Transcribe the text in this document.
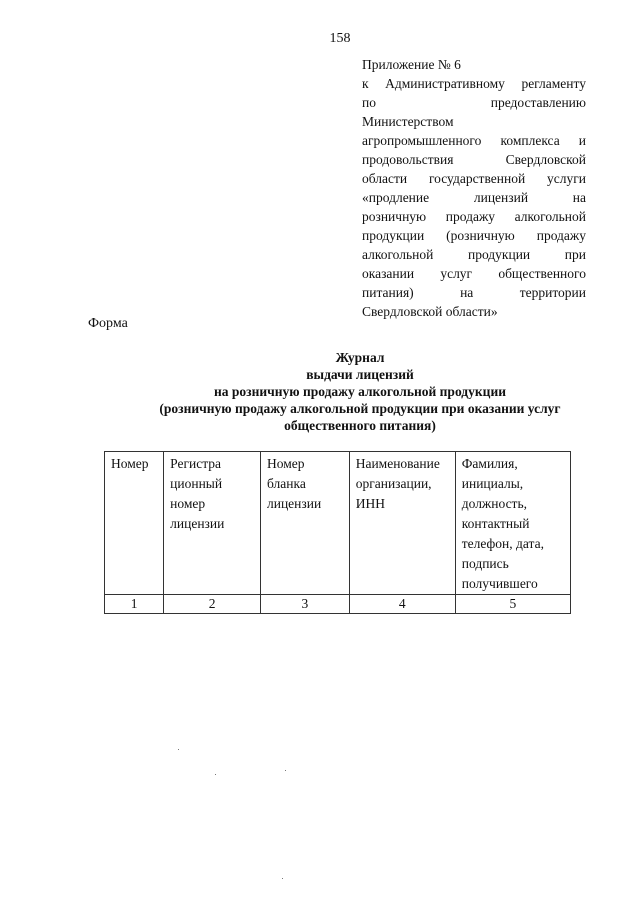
158
Приложение № 6
к Административному регламенту
по предоставлению
Министерством
агропромышленного комплекса и
продовольствия Свердловской
области государственной услуги
«продление лицензий на
розничную продажу алкогольной
продукции (розничную продажу
алкогольной продукции при
оказании услуг общественного
питания) на территории
Свердловской области»
Форма
Журнал
выдачи лицензий
на розничную продажу алкогольной продукции
(розничную продажу алкогольной продукции при оказании услуг
общественного питания)
Номер	Регистра ционный номер лицензии	Номер бланка лицензии	Наименование организации, ИНН	Фамилия, инициалы, должность, контактный телефон, дата, подпись получившего
1	2	3	4	5
